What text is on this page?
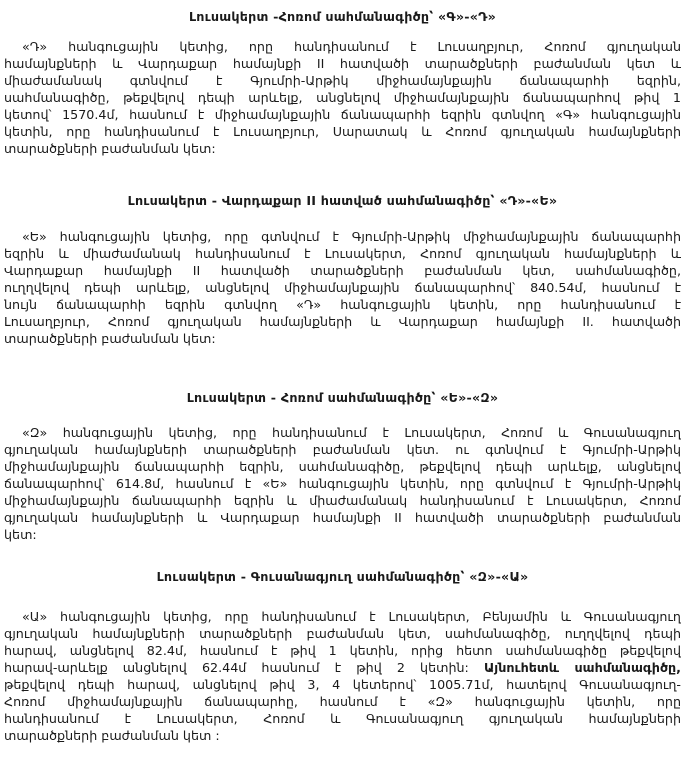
Լուսակերտ -Հոռոմ սահմանագիծը՝ «Գ»-«Դ»
«Դ» հանգուցային կետից, որը հանդիսանում է Լուսաղբյուր, Հոռոմ գյուղական
համայնքների և Վարդաքար համայնքի II հատվածի տարածքների բաժանման կետ և
միաժամանակ գտնվում է Գյումրի-Արթիկ միջհամայնքային ճանապարհի եզրին,
սահմանագիծը, թեքվելով դեպի արևելք, անցնելով միջհամայնքային ճանապարհով թիվ 1
կետով՝ 1570.4մ, հասնում է միջհամայնքային ճանապարհի եզրին գտնվող «Գ» հանգուցային
կետին, որը հանդիսանում է Լուսաղբյուր, Սարատակ և Հոռոմ գյուղական համայնքների
տարածքների բաժանման կետ:
Լուսակերտ - Վարդաքար II հատված սահմանագիծը՝ «Դ»-«Ե»
«Ե» հանգուցային կետից, որը գտնվում է Գյումրի-Արթիկ միջհամայնքային ճանապարհի
եզրին և միաժամանակ հանդիսանում է Լուսակերտ, Հոռոմ գյուղական համայնքների և
Վարդաքար համայնքի II հատվածի տարածքների բաժանման կետ, սահմանագիծը,
ուղղվելով դեպի արևելք, անցնելով միջհամայնքային ճանապարհով՝ 840.54մ, հասնում է
նույն ճանապարհի եզրին գտնվող «Դ» հանգուցային կետին, որը հանդիսանում է
Լուսաղբյուր, Հոռոմ գյուղական համայնքների և Վարդաքար համայնքի II. հատվածի
տարածքների բաժանման կետ:
Լուսակերտ - Հոռոմ սահմանագիծը՝ «Ե»-«Զ»
«Զ» հանգուցային կետից, որը հանդիսանում է Լուսակերտ, Հոռոմ և Գուսանագյուղ
գյուղական համայնքների տարածքների բաժանման կետ. ու գտնվում է Գյումրի-Արթիկ
միջհամայնքային ճանապարհի եզրին, սահմանագիծը, թեքվելով դեպի արևելք, անցնելով
ճանապարհով՝ 614.8մ, հասնում է «Ե» հանգուցային կետին, որը գտնվում է Գյումրի-Արթիկ
միջհամայնքային ճանապարհի եզրին և միաժամանակ հանդիսանում է Լուսակերտ, Հոռոմ
գյուղական համայնքների և Վարդաքար համայնքի II հատվածի տարածքների բաժանման
կետ:
Լուսակերտ - Գուսանագյուղ սահմանագիծը՝ «Զ»-«Ա»
«Ա» հանգուցային կետից, որը հանդիսանում է Լուսակերտ, Բենյամին և Գուսանագյուղ
գյուղական համայնքների տարածքների բաժանման կետ, սահմանագիծը, ուղղվելով դեպի
հարավ, անցնելով 82.4մ, հասնում է թիվ 1 կետին, որից հետո սահմանագիծը թեքվելով
հարավ-արևելք անցնելով 62.44մ հասնում է թիվ 2 կետին: Այնուհետև սահմանագիծը,
թեքվելով դեպի հարավ, անցնելով թիվ 3, 4 կետերով՝ 1005.71մ, հատելով Գուսանագյուղ-
Հոռոմ միջհամայնքային ճանապարհը, հասնում է «Զ» հանգուցային կետին, որը
հանդիսանում է Լուսակերտ, Հոռոմ և Գուսանագյուղ գյուղական համայնքների
տարածքների բաժանման կետ :
